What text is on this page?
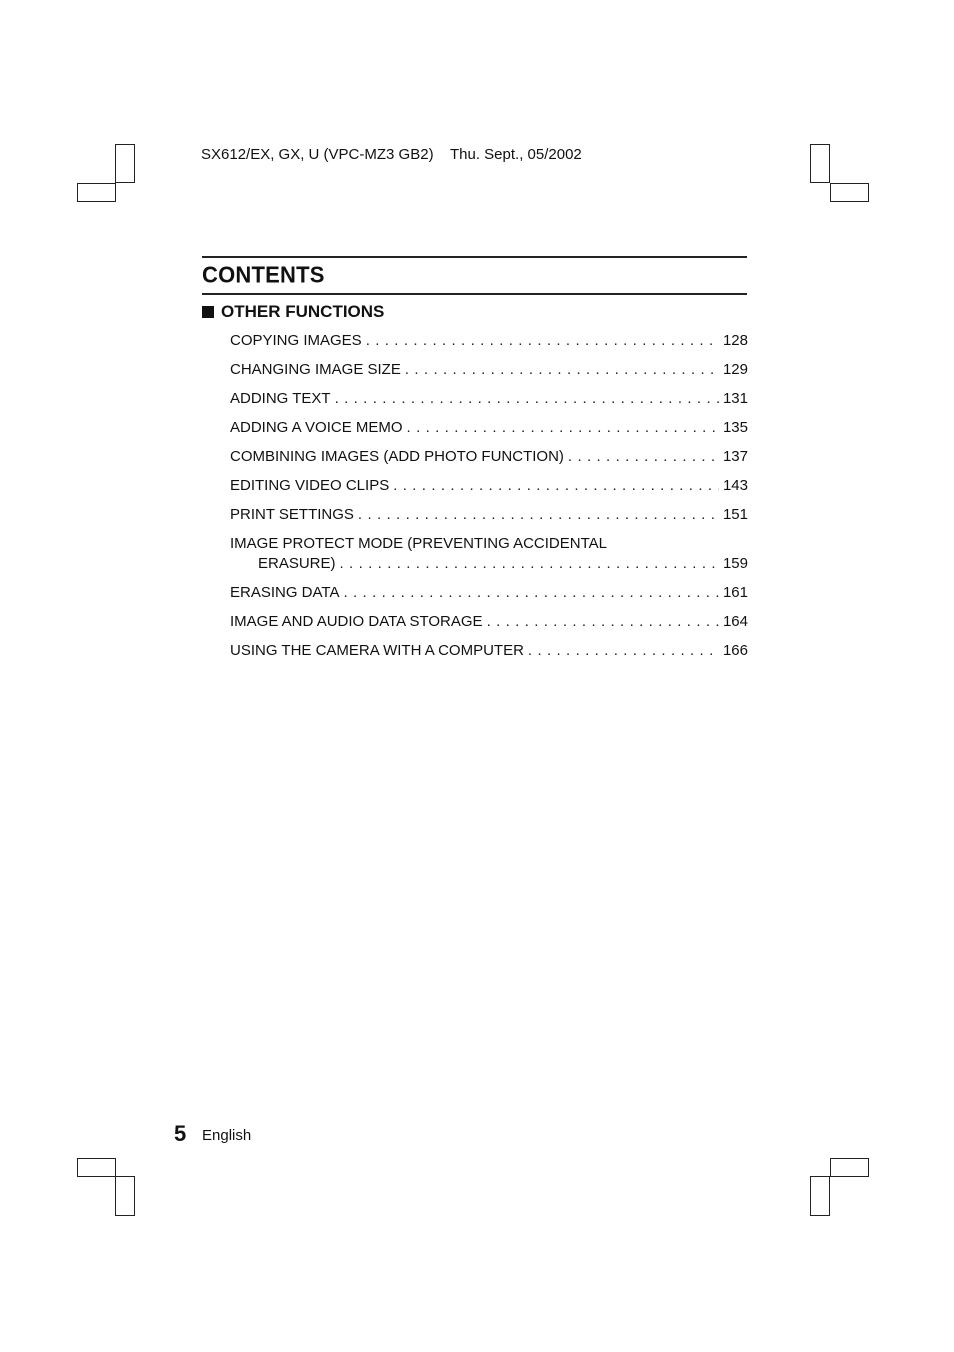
SX612/EX, GX, U (VPC-MZ3 GB2) Thu. Sept., 05/2002
CONTENTS
OTHER FUNCTIONS
COPYING IMAGES . . .	128
CHANGING IMAGE SIZE . . .	129
ADDING TEXT . . .	131
ADDING A VOICE MEMO . . .	135
COMBINING IMAGES (ADD PHOTO FUNCTION) . . .	137
EDITING VIDEO CLIPS . . .	143
PRINT SETTINGS . . .	151
IMAGE PROTECT MODE (PREVENTING ACCIDENTAL
ERASURE) . . .	159
ERASING DATA . . .	161
IMAGE AND AUDIO DATA STORAGE . . .	164
USING THE CAMERA WITH A COMPUTER . . .	166
5 English
